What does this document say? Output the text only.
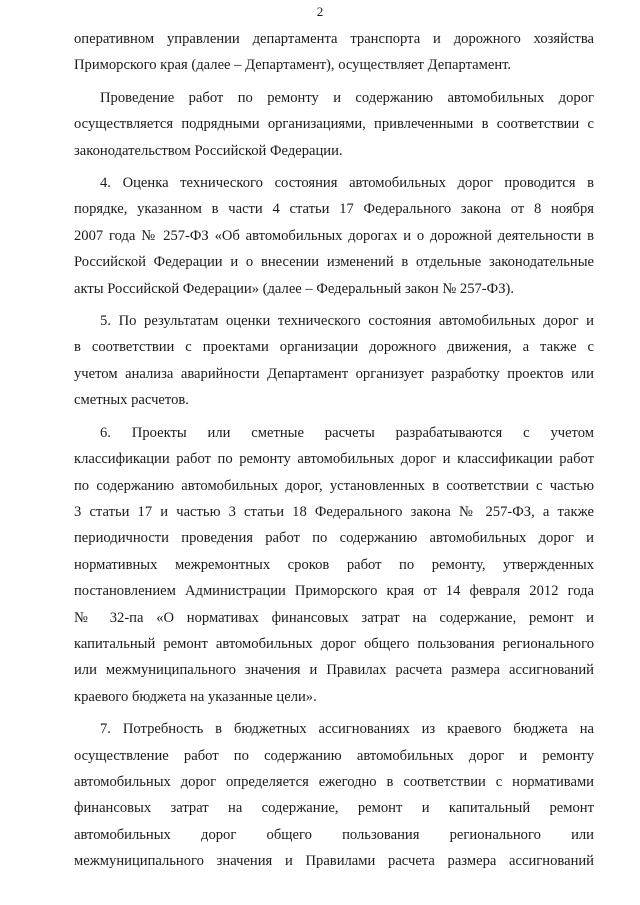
2

оперативном управлении департамента транспорта и дорожного хозяйства
Приморского края (далее – Департамент), осуществляет Департамент.

Проведение работ по ремонту и содержанию автомобильных дорог
осуществляется подрядными организациями, привлеченными в соответствии с
законодательством Российской Федерации.

4. Оценка технического состояния автомобильных дорог проводится в
порядке, указанном в части 4 статьи 17 Федерального закона от 8 ноября
2007 года № 257-ФЗ «Об автомобильных дорогах и о дорожной деятельности в
Российской Федерации и о внесении изменений в отдельные законодательные
акты Российской Федерации» (далее – Федеральный закон № 257-ФЗ).

5. По результатам оценки технического состояния автомобильных дорог и
в соответствии с проектами организации дорожного движения, а также с
учетом анализа аварийности Департамент организует разработку проектов или
сметных расчетов.

6. Проекты или сметные расчеты разрабатываются с учетом
классификации работ по ремонту автомобильных дорог и классификации работ
по содержанию автомобильных дорог, установленных в соответствии с частью
3 статьи 17 и частью 3 статьи 18 Федерального закона № 257-ФЗ, а также
периодичности проведения работ по содержанию автомобильных дорог и
нормативных межремонтных сроков работ по ремонту, утвержденных
постановлением Администрации Приморского края от 14 февраля 2012 года
№ 32-па «О нормативах финансовых затрат на содержание, ремонт и
капитальный ремонт автомобильных дорог общего пользования регионального
или межмуниципального значения и Правилах расчета размера ассигнований
краевого бюджета на указанные цели».

7. Потребность в бюджетных ассигнованиях из краевого бюджета на
осуществление работ по содержанию автомобильных дорог и ремонту
автомобильных дорог определяется ежегодно в соответствии с нормативами
финансовых затрат на содержание, ремонт и капитальный ремонт
автомобильных дорог общего пользования регионального или
межмуниципального значения и Правилами расчета размера ассигнований
